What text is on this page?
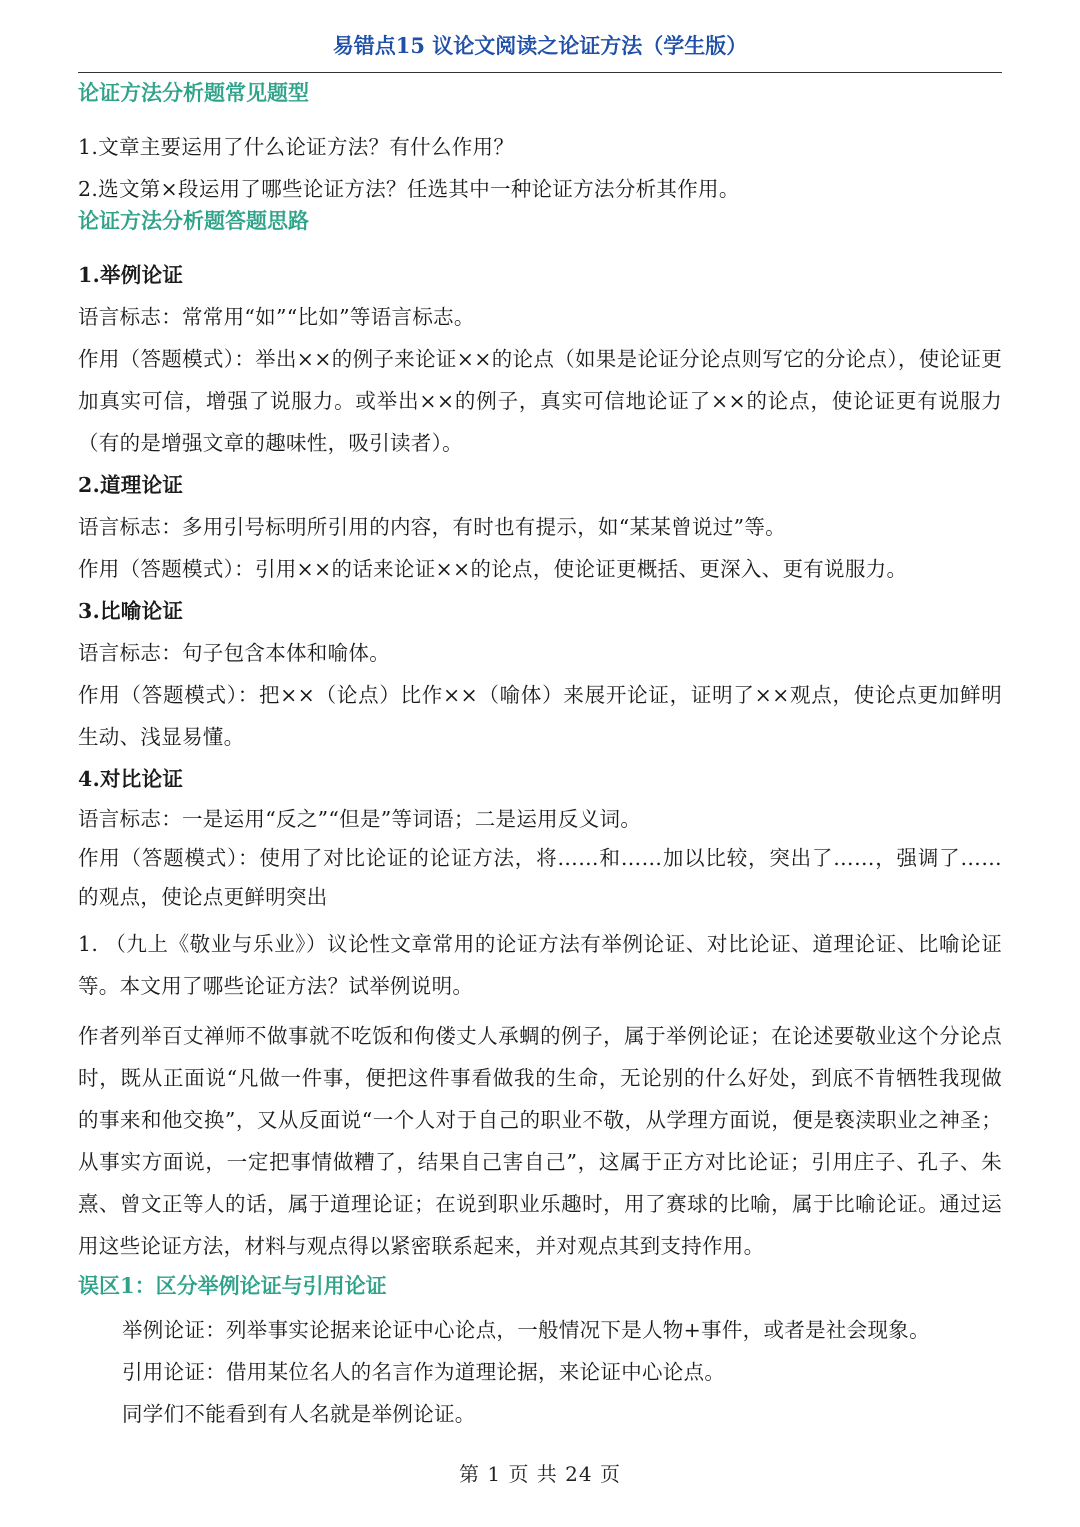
易错点15 议论文阅读之论证方法（学生版）
论证方法分析题常见题型

1.文章主要运用了什么论证方法？有什么作用？

2.选文第×段运用了哪些论证方法？任选其中一种论证方法分析其作用。

论证方法分析题答题思路

1.举例论证

语言标志：常常用“如”“比如”等语言标志。

作用（答题模式）：举出××的例子来论证××的论点（如果是论证分论点则写它的分论点），使论证更加真实可信，增强了说服力。或举出××的例子，真实可信地论证了××的论点，使论证更有说服力（有的是增强文章的趣味性，吸引读者）。

2.道理论证

语言标志：多用引号标明所引用的内容，有时也有提示，如“某某曾说过”等。

作用（答题模式）：引用××的话来论证××的论点，使论证更概括、更深入、更有说服力。

3.比喻论证

语言标志：句子包含本体和喻体。

作用（答题模式）：把××（论点）比作××（喻体）来展开论证，证明了××观点，使论点更加鲜明生动、浅显易懂。

4.对比论证

语言标志：一是运用“反之”“但是”等词语；二是运用反义词。

作用（答题模式）：使用了对比论证的论证方法，将……和……加以比较，突出了……，强调了……的观点，使论点更鲜明突出

1. （九上《敬业与乐业》）议论性文章常用的论证方法有举例论证、对比论证、道理论证、比喻论证等。本文用了哪些论证方法？试举例说明。

作者列举百丈禅师不做事就不吃饭和佝偻丈人承蜩的例子，属于举例论证；在论述要敬业这个分论点时，既从正面说“凡做一件事，便把这件事看做我的生命，无论别的什么好处，到底不肯牺牲我现做的事来和他交换”，又从反面说“一个人对于自己的职业不敬，从学理方面说，便是亵渎职业之神圣；从事实方面说，一定把事情做糟了，结果自己害自己”，这属于正方对比论证；引用庄子、孔子、朱熹、曾文正等人的话，属于道理论证；在说到职业乐趣时，用了赛球的比喻，属于比喻论证。通过运用这些论证方法，材料与观点得以紧密联系起来，并对观点其到支持作用。

误区1：区分举例论证与引用论证

举例论证：列举事实论据来论证中心论点，一般情况下是人物+事件，或者是社会现象。

引用论证：借用某位名人的名言作为道理论据，来论证中心论点。

同学们不能看到有人名就是举例论证。

第 1 页 共 24 页
